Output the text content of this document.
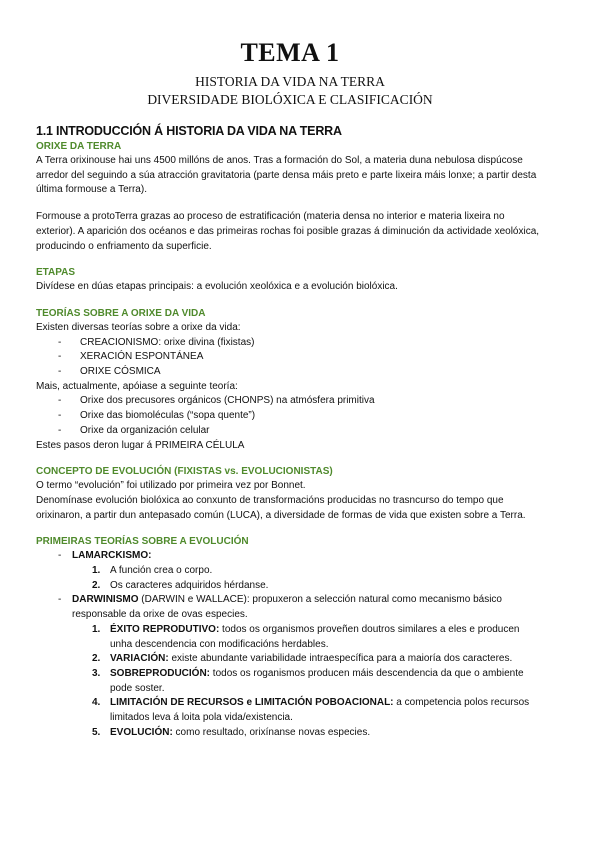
TEMA 1
HISTORIA DA VIDA NA TERRA
DIVERSIDADE BIOLÓXICA E CLASIFICACIÓN
1.1 INTRODUCCIÓN Á HISTORIA DA VIDA NA TERRA
ORIXE DA TERRA

A Terra orixinouse hai uns 4500 millóns de anos. Tras a formación do Sol, a materia duna nebulosa dispúcose arredor del seguindo a súa atracción gravitatoria (parte densa máis preto e parte lixeira máis lonxe; a partir desta última formouse a Terra).

Formouse a protoTerra grazas ao proceso de estratificación (materia densa no interior e materia lixeira no exterior). A aparición dos océanos e das primeiras rochas foi posible grazas á diminución da actividade xeolóxica, producindo o enfriamento da superficie.

ETAPAS

Divídese en dúas etapas principais: a evolución xeolóxica e a evolución biolóxica.

TEORÍAS SOBRE A ORIXE DA VIDA

Existen diversas teorías sobre a orixe da vida:

- CREACIONISMO: orixe divina (fixistas)
- XERACIÓN ESPONTÁNEA
- ORIXE CÓSMICA

Mais, actualmente, apóiase a seguinte teoría:

- Orixe dos precusores orgánicos (CHONPS) na atmósfera primitiva
- Orixe das biomoléculas (“sopa quente”)
- Orixe da organización celular

Estes pasos deron lugar á PRIMEIRA CÉLULA

CONCEPTO DE EVOLUCIÓN (FIXISTAS vs. EVOLUCIONISTAS)

O termo “evolución” foi utilizado por primeira vez por Bonnet.

Denomínase evolución biolóxica ao conxunto de transformacións producidas no trasncurso do tempo que orixinaron, a partir dun antepasado común (LUCA), a diversidade de formas de vida que existen sobre a Terra.

PRIMEIRAS TEORÍAS SOBRE A EVOLUCIÓN
- LAMARCKISMO:
1. A función crea o corpo.
2. Os caracteres adquiridos hérdanse.
- DARWINISMO (DARWIN e WALLACE): propuxeron a selección natural como mecanismo básico responsable da orixe de ovas especies.
1. ÉXITO REPRODUTIVO: todos os organismos proveñen doutros similares a eles e producen unha descendencia con modificacións herdables.
2. VARIACIÓN: existe abundante variabilidade intraespecífica para a maioría dos caracteres.
3. SOBREPRODUCIÓN: todos os roganismos producen máis descendencia da que o ambiente pode soster.
4. LIMITACIÓN DE RECURSOS e LIMITACIÓN POBOACIONAL: a competencia polos recursos limitados leva á loita pola vida/existencia.
5. EVOLUCIÓN: como resultado, orixínanse novas especies.
